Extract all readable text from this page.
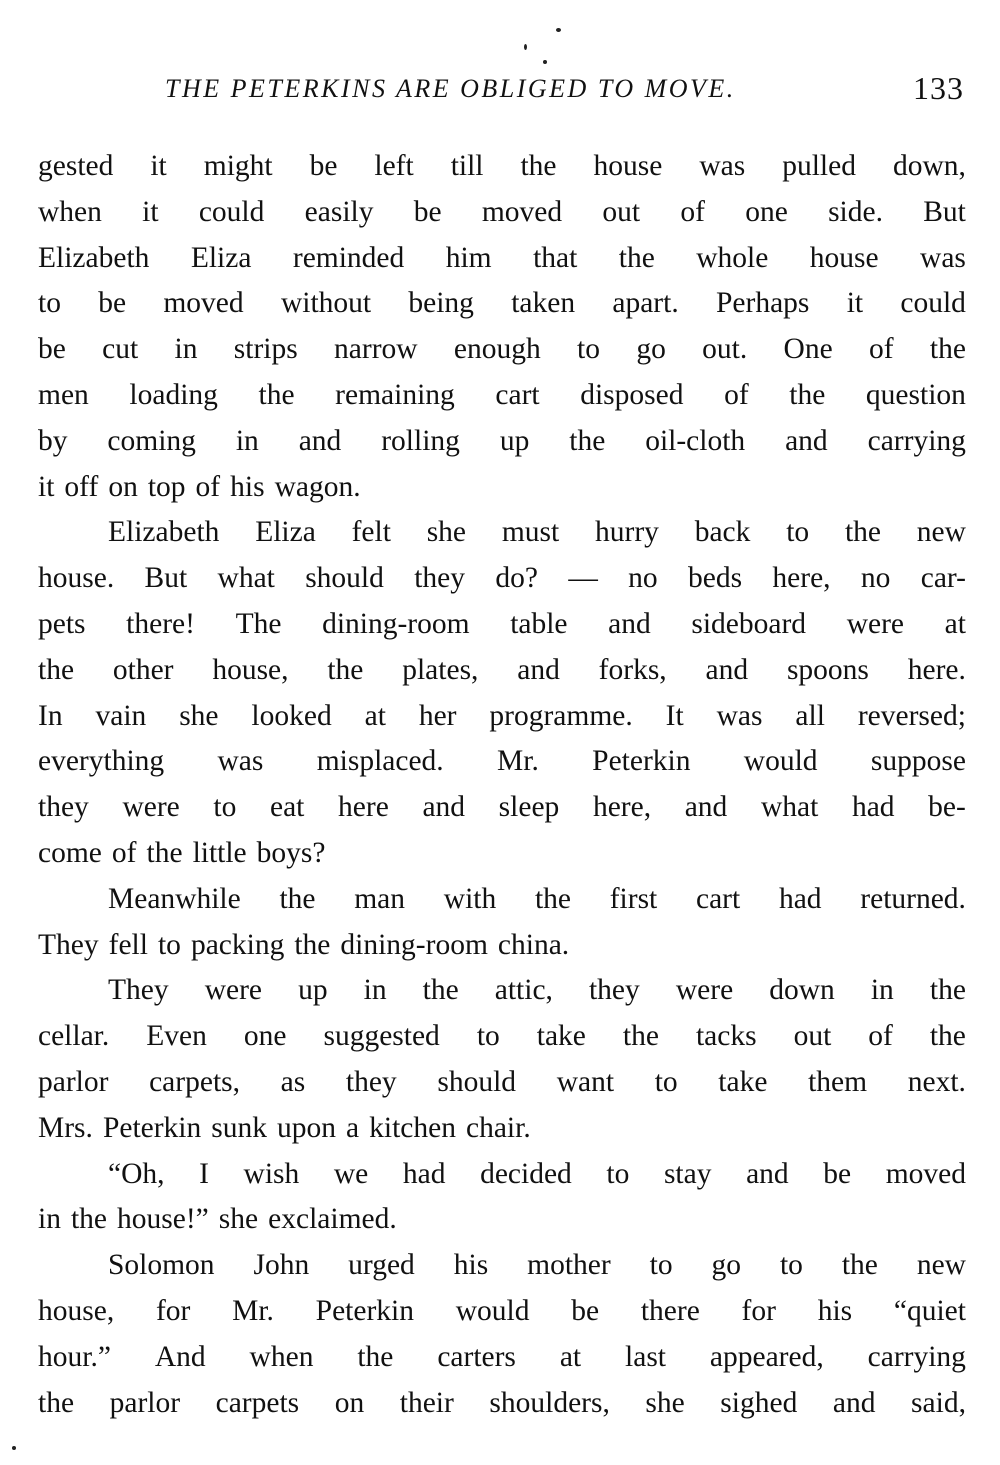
THE PETERKINS ARE OBLIGED TO MOVE.	133
gested it might be left till the house was pulled down,
when it could easily be moved out of one side. But
Elizabeth Eliza reminded him that the whole house was
to be moved without being taken apart. Perhaps it could
be cut in strips narrow enough to go out. One of the
men loading the remaining cart disposed of the question
by coming in and rolling up the oil-cloth and carrying
it off on top of his wagon.
Elizabeth Eliza felt she must hurry back to the new
house. But what should they do? — no beds here, no car-
pets there! The dining-room table and sideboard were at
the other house, the plates, and forks, and spoons here.
In vain she looked at her programme. It was all reversed;
everything was misplaced. Mr. Peterkin would suppose
they were to eat here and sleep here, and what had be-
come of the little boys?
Meanwhile the man with the first cart had returned.
They fell to packing the dining-room china.
They were up in the attic, they were down in the
cellar. Even one suggested to take the tacks out of the
parlor carpets, as they should want to take them next.
Mrs. Peterkin sunk upon a kitchen chair.
“Oh, I wish we had decided to stay and be moved
in the house!” she exclaimed.
Solomon John urged his mother to go to the new
house, for Mr. Peterkin would be there for his “quiet
hour.” And when the carters at last appeared, carrying
the parlor carpets on their shoulders, she sighed and said,
